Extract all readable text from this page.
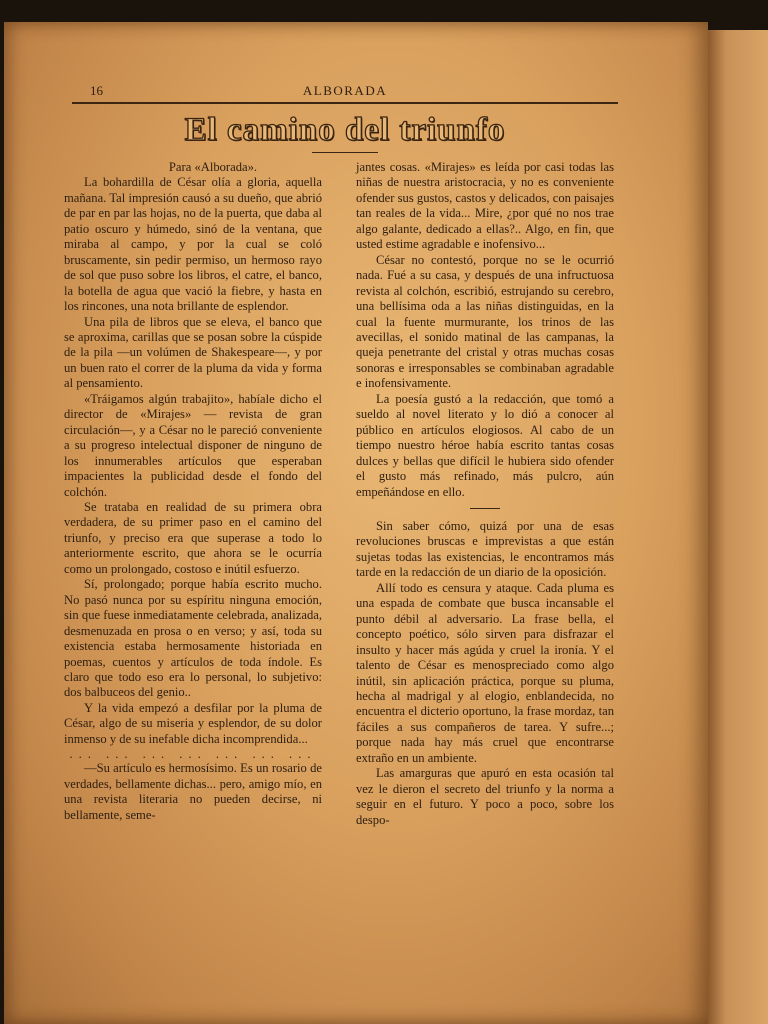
16	ALBORADA
El camino del triunfo
Para «Alborada».

La bohardilla de César olía a gloria, aquella mañana. Tal impresión causó a su dueño, que abrió de par en par las hojas, no de la puerta, que daba al patio oscuro y húmedo, sinó de la ventana, que miraba al campo, y por la cual se coló bruscamente, sin pedir permiso, un hermoso rayo de sol que puso sobre los libros, el catre, el banco, la botella de agua que vació la fiebre, y hasta en los rincones, una nota brillante de esplendor.

Una pila de libros que se eleva, el banco que se aproxima, carillas que se posan sobre la cúspide de la pila —un volúmen de Shakespeare—, y por un buen rato el correr de la pluma da vida y forma al pensamiento.

«Tráigamos algún trabajito», habíale dicho el director de «Mirajes» — revista de gran circulación—, y a César no le pareció conveniente a su progreso intelectual disponer de ninguno de los innumerables artículos que esperaban impacientes la publicidad desde el fondo del colchón.

Se trataba en realidad de su primera obra verdadera, de su primer paso en el camino del triunfo, y preciso era que superase a todo lo anteriormente escrito, que ahora se le ocurría como un prolongado, costoso e inútil esfuerzo.

Sí, prolongado; porque había escrito mucho. No pasó nunca por su espíritu ninguna emoción, sin que fuese inmediatamente celebrada, analizada, desmenuzada en prosa o en verso; y así, toda su existencia estaba hermosamente historiada en poemas, cuentos y artículos de toda índole. Es claro que todo eso era lo personal, lo subjetivo: dos balbuceos del genio..

Y la vida empezó a desfilar por la pluma de César, algo de su miseria y esplendor, de su dolor inmenso y de su inefable dicha incomprendida...

... ... ... ... ... ... ...

—Su artículo es hermosísimo. Es un rosario de verdades, bellamente dichas... pero, amigo mío, en una revista literaria no pueden decirse, ni bellamente, seme-

jantes cosas. «Mirajes» es leída por casi todas las niñas de nuestra aristocracia, y no es conveniente ofender sus gustos, castos y delicados, con paisajes tan reales de la vida... Mire, ¿por qué no nos trae algo galante, dedicado a ellas?.. Algo, en fin, que usted estime agradable e inofensivo...

César no contestó, porque no se le ocurrió nada. Fué a su casa, y después de una infructuosa revista al colchón, escribió, estrujando su cerebro, una bellísima oda a las niñas distinguidas, en la cual la fuente murmurante, los trinos de las avecillas, el sonido matinal de las campanas, la queja penetrante del cristal y otras muchas cosas sonoras e irresponsables se combinaban agradable e inofensivamente.

La poesía gustó a la redacción, que tomó a sueldo al novel literato y lo dió a conocer al público en artículos elogiosos. Al cabo de un tiempo nuestro héroe había escrito tantas cosas dulces y bellas que difícil le hubiera sido ofender el gusto más refinado, más pulcro, aún empeñándose en ello.

Sin saber cómo, quizá por una de esas revoluciones bruscas e imprevistas a que están sujetas todas las existencias, le encontramos más tarde en la redacción de un diario de la oposición.

Allí todo es censura y ataque. Cada pluma es una espada de combate que busca incansable el punto débil al adversario. La frase bella, el concepto poético, sólo sirven para disfrazar el insulto y hacer más agúda y cruel la ironía. Y el talento de César es menospreciado como algo inútil, sin aplicación práctica, porque su pluma, hecha al madrigal y al elogio, enblandecida, no encuentra el dicterio oportuno, la frase mordaz, tan fáciles a sus compañeros de tarea. Y sufre...; porque nada hay más cruel que encontrarse extraño en un ambiente.

Las amarguras que apuró en esta ocasión tal vez le dieron el secreto del triunfo y la norma a seguir en el futuro. Y poco a poco, sobre los despo-
